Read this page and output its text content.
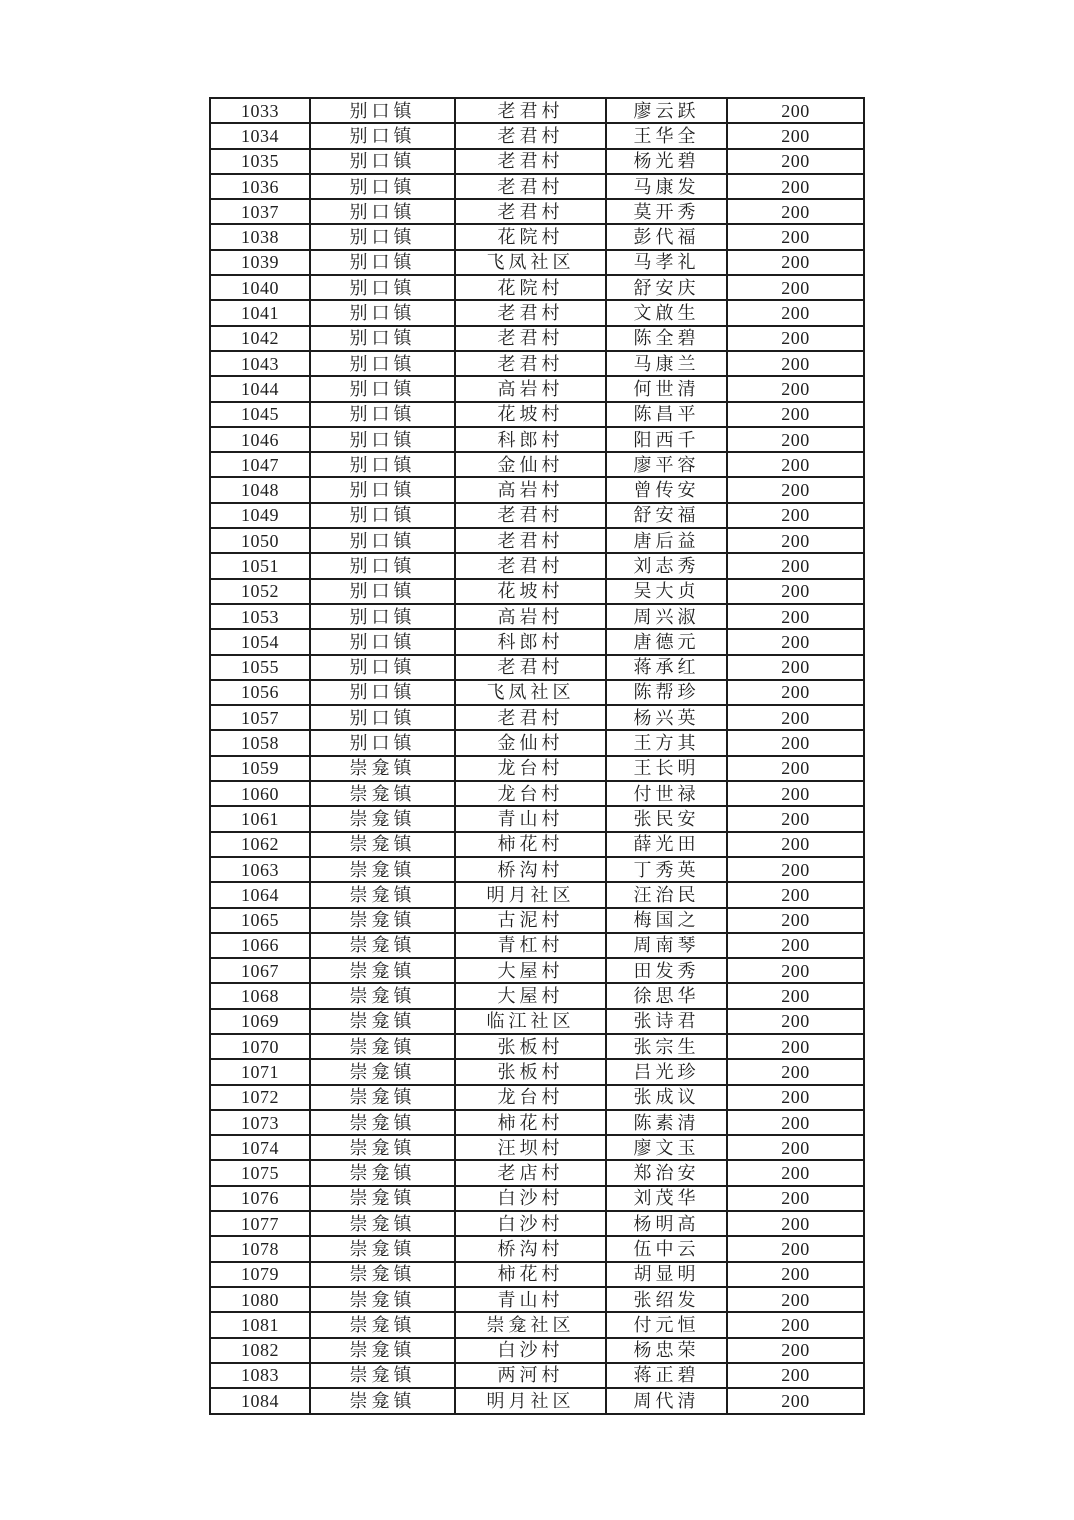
1033	别口镇	老君村	廖云跃	200
1034	别口镇	老君村	王华全	200
1035	别口镇	老君村	杨光碧	200
1036	别口镇	老君村	马康发	200
1037	别口镇	老君村	莫开秀	200
1038	别口镇	花院村	彭代福	200
1039	别口镇	飞凤社区	马孝礼	200
1040	别口镇	花院村	舒安庆	200
1041	别口镇	老君村	文啟生	200
1042	别口镇	老君村	陈全碧	200
1043	别口镇	老君村	马康兰	200
1044	别口镇	高岩村	何世清	200
1045	别口镇	花坡村	陈昌平	200
1046	别口镇	科郎村	阳西千	200
1047	别口镇	金仙村	廖平容	200
1048	别口镇	高岩村	曾传安	200
1049	别口镇	老君村	舒安福	200
1050	别口镇	老君村	唐后益	200
1051	别口镇	老君村	刘志秀	200
1052	别口镇	花坡村	吴大贞	200
1053	别口镇	高岩村	周兴淑	200
1054	别口镇	科郎村	唐德元	200
1055	别口镇	老君村	蒋承红	200
1056	别口镇	飞凤社区	陈帮珍	200
1057	别口镇	老君村	杨兴英	200
1058	别口镇	金仙村	王方其	200
1059	崇龛镇	龙台村	王长明	200
1060	崇龛镇	龙台村	付世禄	200
1061	崇龛镇	青山村	张民安	200
1062	崇龛镇	柿花村	薛光田	200
1063	崇龛镇	桥沟村	丁秀英	200
1064	崇龛镇	明月社区	汪治民	200
1065	崇龛镇	古泥村	梅国之	200
1066	崇龛镇	青杠村	周南琴	200
1067	崇龛镇	大屋村	田发秀	200
1068	崇龛镇	大屋村	徐思华	200
1069	崇龛镇	临江社区	张诗君	200
1070	崇龛镇	张板村	张宗生	200
1071	崇龛镇	张板村	吕光珍	200
1072	崇龛镇	龙台村	张成议	200
1073	崇龛镇	柿花村	陈素清	200
1074	崇龛镇	汪坝村	廖文玉	200
1075	崇龛镇	老店村	郑治安	200
1076	崇龛镇	白沙村	刘茂华	200
1077	崇龛镇	白沙村	杨明高	200
1078	崇龛镇	桥沟村	伍中云	200
1079	崇龛镇	柿花村	胡显明	200
1080	崇龛镇	青山村	张绍发	200
1081	崇龛镇	崇龛社区	付元恒	200
1082	崇龛镇	白沙村	杨忠荣	200
1083	崇龛镇	两河村	蒋正碧	200
1084	崇龛镇	明月社区	周代清	200
